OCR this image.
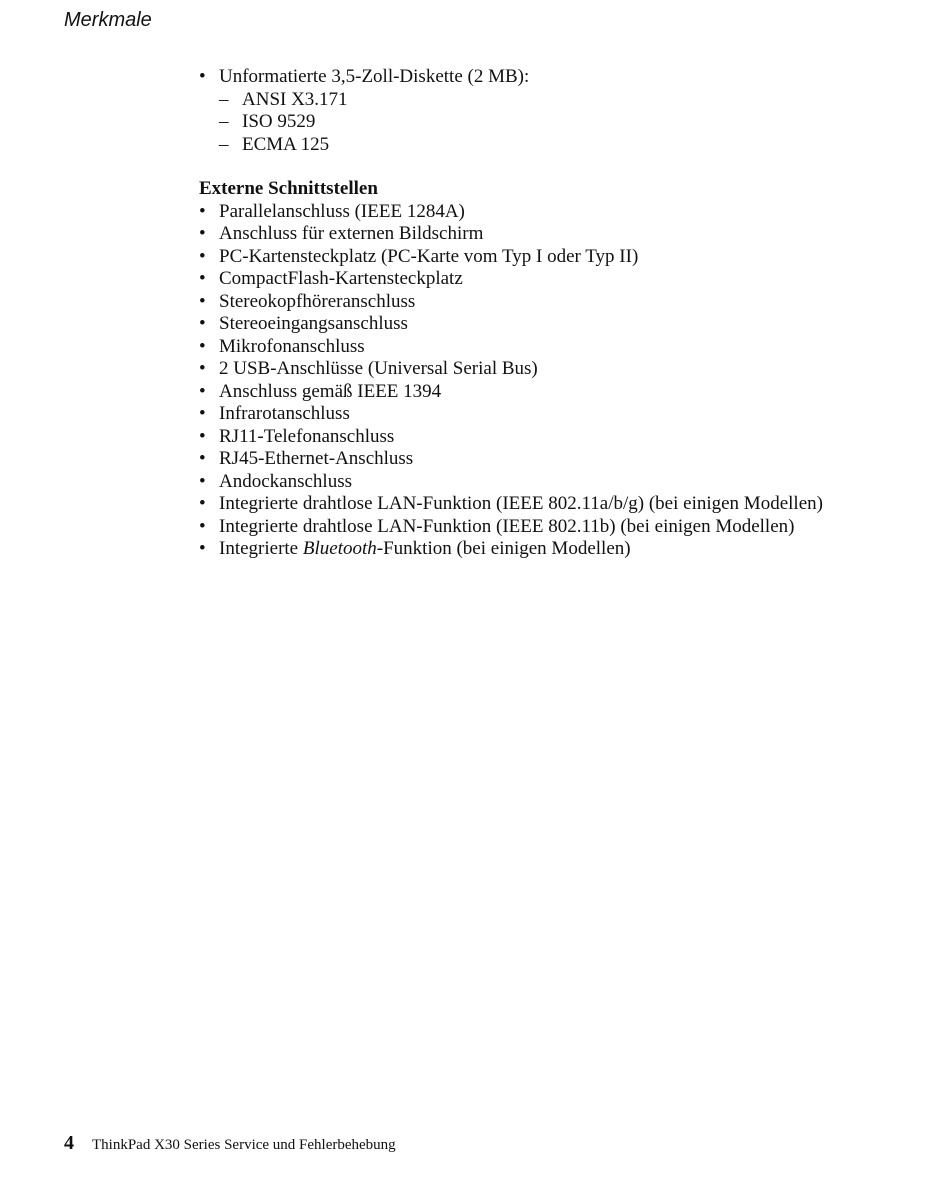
Merkmale
• Unformatierte 3,5-Zoll-Diskette (2 MB):
– ANSI X3.171
– ISO 9529
– ECMA 125
Externe Schnittstellen
• Parallelanschluss (IEEE 1284A)
• Anschluss für externen Bildschirm
• PC-Kartensteckplatz (PC-Karte vom Typ I oder Typ II)
• CompactFlash-Kartensteckplatz
• Stereokopfhöreranschluss
• Stereoeingangsanschluss
• Mikrofonanschluss
• 2 USB-Anschlüsse (Universal Serial Bus)
• Anschluss gemäß IEEE 1394
• Infrarotanschluss
• RJ11-Telefonanschluss
• RJ45-Ethernet-Anschluss
• Andockanschluss
• Integrierte drahtlose LAN-Funktion (IEEE 802.11a/b/g) (bei einigen Modellen)
• Integrierte drahtlose LAN-Funktion (IEEE 802.11b) (bei einigen Modellen)
• Integrierte Bluetooth-Funktion (bei einigen Modellen)
4 ThinkPad X30 Series Service und Fehlerbehebung
